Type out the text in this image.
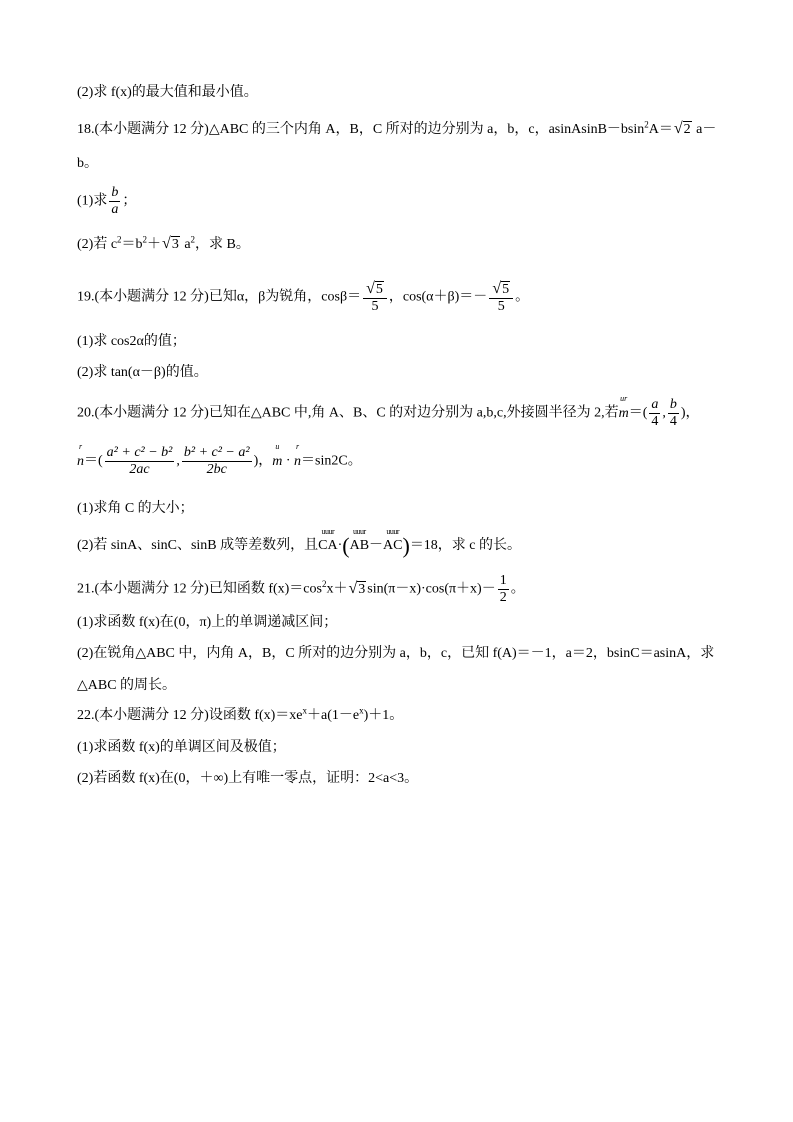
(2)求 f(x)的最大值和最小值。
18.(本小题满分 12 分)△ABC 的三个内角 A，B，C 所对的边分别为 a，b，c，asinAsinB－bsin$^2$A＝ √ 2 a－
b。
(1)求 $\frac{b}{a}$ ；
(2)若 $c^2=b^2+$ √ 3 $a^2$，求 B。
19.(本小题满分 12 分)已知α，β为锐角，$\cos\beta= \frac{√ 5}{5}$ ，$\cos(\alpha+\beta)=- \frac{√ 5}{5}$ 。
(1)求 cos2α的值；
(2)求 tan(α－β)的值。
20.(本小题满分 12 分)已知在△ABC 中,角 A、B、C 的对边分别为 a,b,c,外接圆半径为 2,若
ur
$m=( \frac{a}{4}$ , $\frac{b}{4}$ )，
r
$n=( \frac{\text{a² + c² − b²}}{2ac}$ , $\frac{\text{b² + c² − a²}}{2bc}$ )，
u
m ·
r
n＝sin2C。
(1)求角 C 的大小；
(2)若 sinA、sinC、sinB 成等差数列，且
uuur
CA·(
uuur
AB－
uuur
AC)＝18，求 c 的长。
21.(本小题满分 12 分)已知函数 $f(x)=\cos^2x+$ √ 3 $\sin(\pi-x)\cdot\cos(\pi+x)- \frac{1}{2}$ 。
(1)求函数 f(x)在(0，π)上的单调递减区间；
(2)在锐角△ABC 中，内角 A，B，C 所对的边分别为 a，b，c，已知 f(A)＝－1，a＝2，bsinC＝asinA，求
△ABC 的周长。
22.(本小题满分 12 分)设函数 $f(x)=xe^x+a(1-e^x)+1$。
(1)求函数 f(x)的单调区间及极值；
(2)若函数 f(x)在(0，＋∞)上有唯一零点，证明：2<a<3。
